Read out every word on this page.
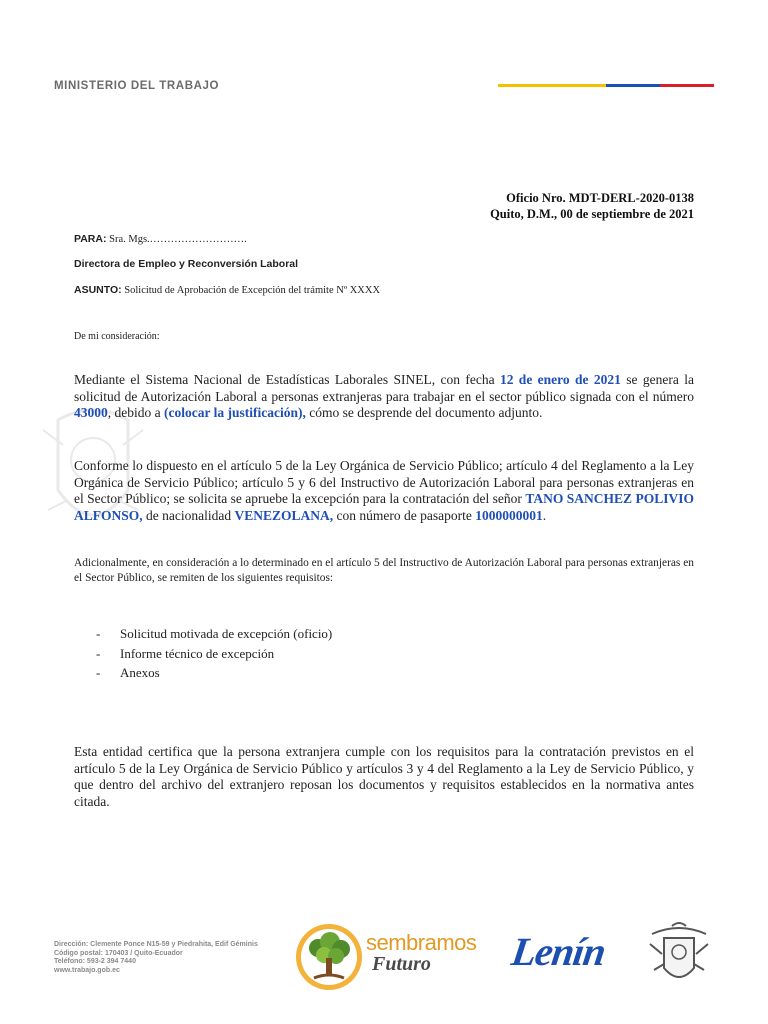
MINISTERIO DEL TRABAJO
Oficio Nro. MDT-DERL-2020-0138
Quito, D.M., 00 de septiembre de 2021
PARA: Sra. Mgs.……………………….
Directora de Empleo y Reconversión Laboral
ASUNTO: Solicitud de Aprobación de Excepción del trámite Nº XXXX
De mi consideración:
Mediante el Sistema Nacional de Estadísticas Laborales SINEL, con fecha 12 de enero de 2021 se genera la solicitud de Autorización Laboral a personas extranjeras para trabajar en el sector público signada con el número 43000, debido a (colocar la justificación), cómo se desprende del documento adjunto.
Conforme lo dispuesto en el artículo 5 de la Ley Orgánica de Servicio Público; artículo 4 del Reglamento a la Ley Orgánica de Servicio Público; artículo 5 y 6 del Instructivo de Autorización Laboral para personas extranjeras en el Sector Público; se solicita se apruebe la excepción para la contratación del señor TANO SANCHEZ POLIVIO ALFONSO, de nacionalidad VENEZOLANA, con número de pasaporte 1000000001.
Adicionalmente, en consideración a lo determinado en el artículo 5 del Instructivo de Autorización Laboral para personas extranjeras en el Sector Público, se remiten de los siguientes requisitos:
-	Solicitud motivada de excepción (oficio)
-	Informe técnico de excepción
-	Anexos
Esta entidad certifica que la persona extranjera cumple con los requisitos para la contratación previstos en el artículo 5 de la Ley Orgánica de Servicio Público y artículos 3 y 4 del Reglamento a la Ley de Servicio Público, y que dentro del archivo del extranjero reposan los documentos y requisitos establecidos en la normativa antes citada.
Dirección: Clemente Ponce N15-59 y Piedrahita, Edif Géminis
Código postal: 170403 / Quito-Ecuador
Teléfono: 593-2 394 7440
www.trabajo.gob.ec
sembramos
Futuro Lenín
